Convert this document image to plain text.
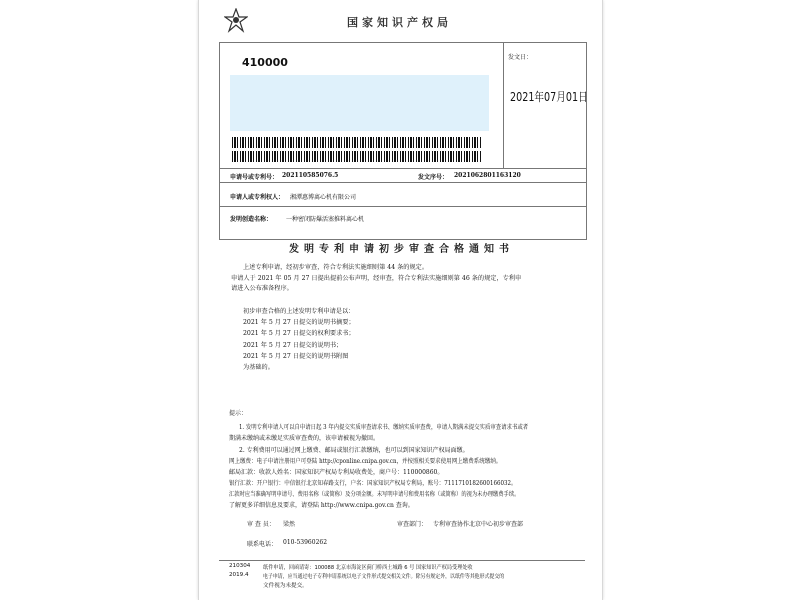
国家知识产权局
410000	发文日：
2021年07月01日
申请号或专利号： 202110585076.5	发文序号： 2021062801163120
申请人或专利权人： 湘潭惠博离心机有限公司
发明创造名称： 一种密闭防爆活塞推料离心机
发明专利申请初步审查合格通知书
上述专利申请，经初步审查，符合专利法实施细则第 44 条的规定。
申请人于 2021 年 05 月 27 日提出提前公布声明，经审查，符合专利法实施细则第 46 条的规定，专利申
请进入公布准备程序。
初步审查合格的上述发明专利申请是以：
2021 年 5 月 27 日提交的说明书摘要；
2021 年 5 月 27 日提交的权利要求书；
2021 年 5 月 27 日提交的说明书；
2021 年 5 月 27 日提交的说明书附图
为基础的。
提示：
1. 发明专利申请人可以自申请日起 3 年内提交实质审查请求书、缴纳实质审查费，申请人期满未提交实质审查请求书或者
期满未缴纳或未缴足实质审查费的，该申请被视为撤回。
2. 专利费用可以通过网上缴费、邮局或银行汇款缴纳，也可以到国家知识产权局面缴。
网上缴费：电子申请注册用户可登陆 http://cponline.cnipa.gov.cn，并按照相关要求使用网上缴费系统缴纳。
邮局汇款：收款人姓名：国家知识产权局专利局收费处，商户号：110000860。
银行汇款：开户银行：中信银行北京知春路支行，户名：国家知识产权局专利局，账号：7111710182600166032。
汇款时应当准确写明申请号、费用名称（或简称）及分项金额。未写明申请号和费用名称（或简称）的视为未办理缴费手续。
了解更多详细信息及要求，请登陆 http://www.cnipa.gov.cn 查询。
审 查 员： 梁然	审查部门： 专利审查协作北京中心初步审查部
联系电话： 010-53960262
210304 纸件申请，回函请寄：100088 北京市海淀区蓟门桥西土城路 6 号 国家知识产权局受理处收
2019.4	电子申请，应当通过电子专利申请系统以电子文件形式提交相关文件。除另有规定外，以纸件等其他形式提交的
文件视为未提交。
